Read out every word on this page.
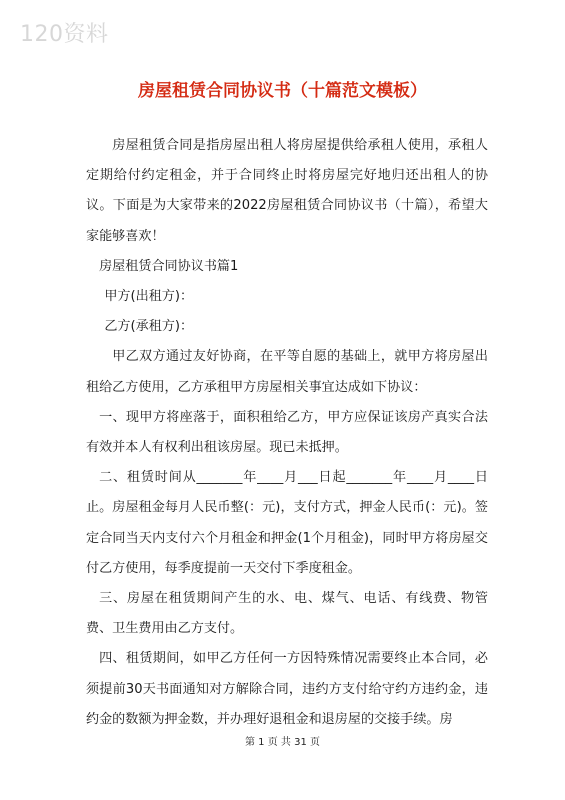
120资料
房屋租赁合同协议书（十篇范文模板）

房屋租赁合同是指房屋出租人将房屋提供给承租人使用，承租人定期给付约定租金，并于合同终止时将房屋完好地归还出租人的协议。下面是为大家带来的2022房屋租赁合同协议书（十篇），希望大家能够喜欢！

房屋租赁合同协议书篇1

甲方(出租方)：

乙方(承租方)：

甲乙双方通过友好协商，在平等自愿的基础上，就甲方将房屋出租给乙方使用，乙方承租甲方房屋相关事宜达成如下协议：

一、现甲方将座落于，面积租给乙方，甲方应保证该房产真实合法有效并本人有权利出租该房屋。现已未抵押。

二、租赁时间从_______年____月___日起_______年____月____日止。房屋租金每月人民币整(：元)，支付方式，押金人民币(：元)。签定合同当天内支付六个月租金和押金(1个月租金)，同时甲方将房屋交付乙方使用，每季度提前一天交付下季度租金。

三、房屋在租赁期间产生的水、电、煤气、电话、有线费、物管费、卫生费用由乙方支付。

四、租赁期间，如甲乙方任何一方因特殊情况需要终止本合同，必须提前30天书面通知对方解除合同，违约方支付给守约方违约金，违约金的数额为押金数，并办理好退租金和退房屋的交接手续。房

第 1 页 共 31 页
